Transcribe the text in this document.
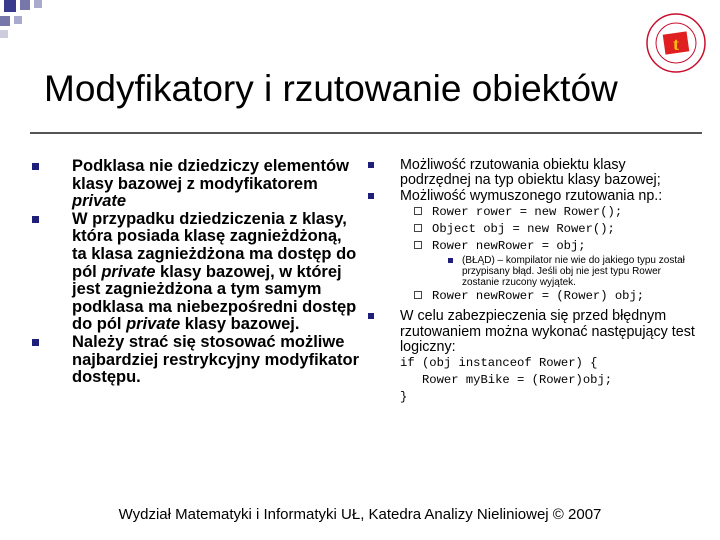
t
Modyfikatory i rzutowanie obiektów
Podklasa nie dziedziczy elementów klasy bazowej z modyfikatorem private
W przypadku dziedziczenia z klasy, która posiada klasę zagnieżdżoną, ta klasa zagnieżdżona ma dostęp do pól private klasy bazowej, w której jest zagnieżdżona a tym samym podklasa ma niebezpośredni dostęp do pól private klasy bazowej.
Należy strać się stosować możliwe najbardziej restrykcyjny modyfikator dostępu.
Możliwość rzutowania obiektu klasy podrzędnej na typ obiektu klasy bazowej;
Możliwość wymuszonego rzutowania np.:
Rower rower = new Rower();
Object obj = new Rower();
Rower newRower = obj;
(BŁĄD) – kompilator nie wie do jakiego typu został przypisany błąd. Jeśli obj nie jest typu Rower zostanie rzucony wyjątek.
Rower newRower = (Rower) obj;
W celu zabezpieczenia się przed błędnym rzutowaniem można wykonać następujący test logiczny:
if (obj instanceof Rower) {
Rower myBike = (Rower)obj;
}
Wydział Matematyki i Informatyki UŁ, Katedra Analizy Nieliniowej © 2007
